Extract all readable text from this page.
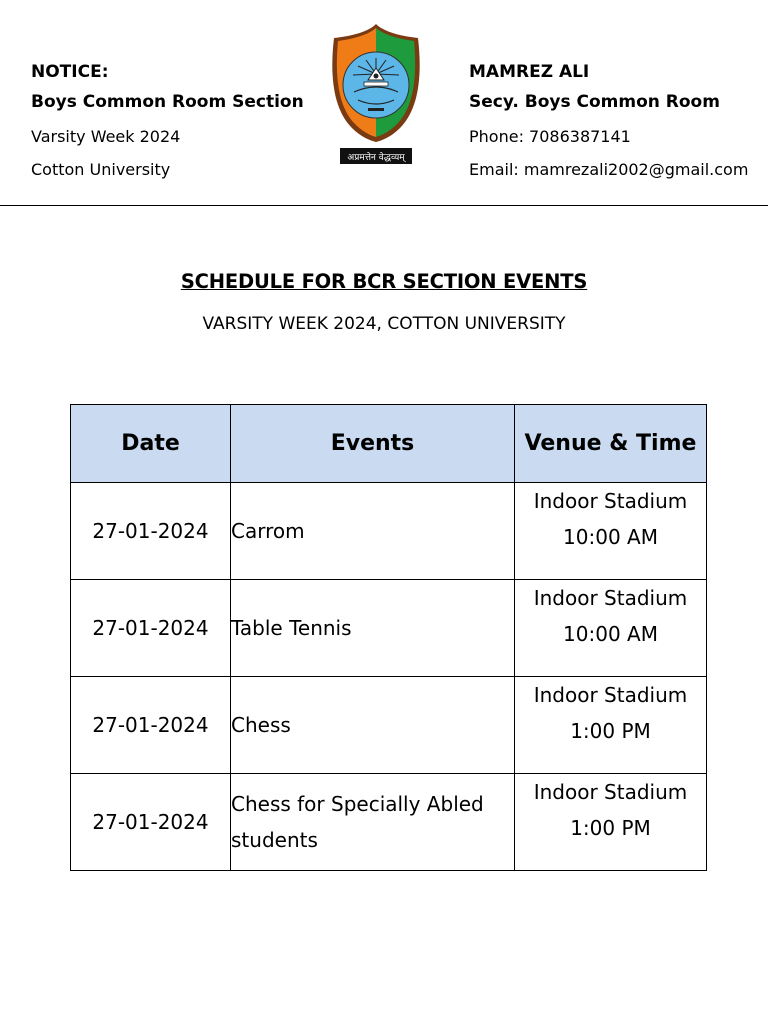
NOTICE:
Boys Common Room Section
Varsity Week 2024
Cotton University
अप्रमत्तेन वेद्धव्यम्
MAMREZ ALI
Secy. Boys Common Room
Phone: 7086387141
Email: mamrezali2002@gmail.com
SCHEDULE FOR BCR SECTION EVENTS
VARSITY WEEK 2024, COTTON UNIVERSITY
Date	Events	Venue & Time
27-01-2024	Carrom	Indoor Stadium
10:00 AM

27-01-2024	Table Tennis	Indoor Stadium
10:00 AM

27-01-2024	Chess	Indoor Stadium
1:00 PM

27-01-2024	Chess for Specially Abled students	Indoor Stadium
1:00 PM
